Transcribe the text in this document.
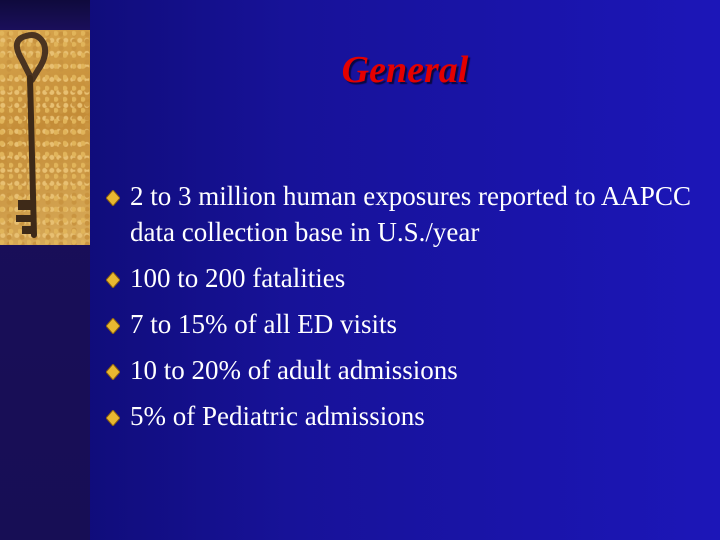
General
2 to 3 million human exposures reported to AAPCC data collection base in U.S./year
100 to 200 fatalities
7 to 15% of all ED visits
10 to 20% of adult admissions
5% of Pediatric admissions
